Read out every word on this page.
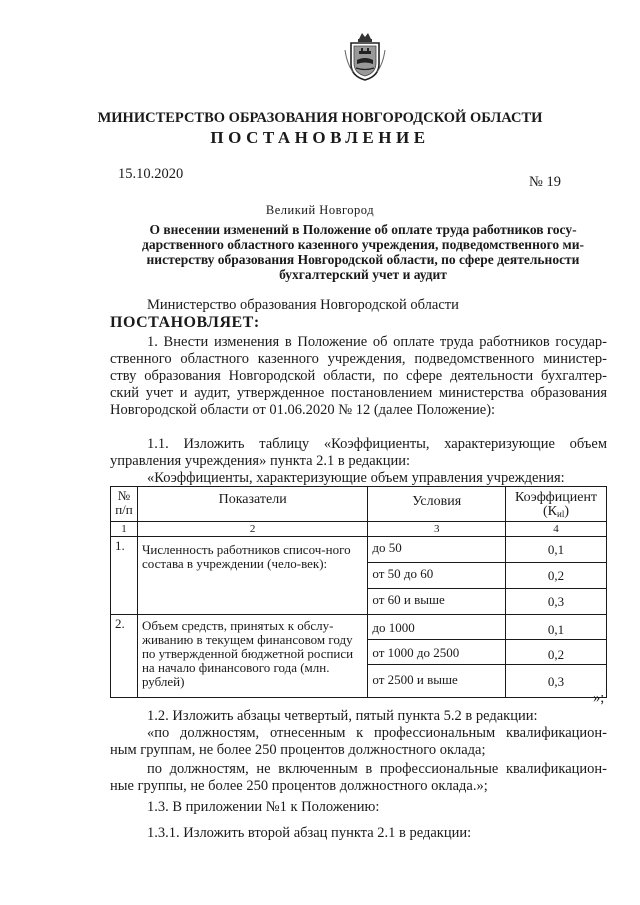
МИНИСТЕРСТВО ОБРАЗОВАНИЯ НОВГОРОДСКОЙ ОБЛАСТИ
ПОСТАНОВЛЕНИЕ
15.10.2020	№ 19
Великий Новгород
О внесении изменений в Положение об оплате труда работников госу-
дарственного областного казенного учреждения, подведомственного ми-
нистерству образования Новгородской области, по сфере деятельности
бухгалтерский учет и аудит
Министерство образования Новгородской области
ПОСТАНОВЛЯЕТ:
1. Внести изменения в Положение об оплате труда работников государ-
ственного областного казенного учреждения, подведомственного министер-
ству образования Новгородской области, по сфере деятельности бухгалтер-
ский учет и аудит, утвержденное постановлением министерства образования
Новгородской области от 01.06.2020 № 12 (далее Положение):
1.1. Изложить таблицу «Коэффициенты, характеризующие объем
управления учреждения» пункта 2.1 в редакции:
«Коэффициенты, характеризующие объем управления учреждения:
№ п/п	Показатели	Условия	Коэффициент
$(К_{иl})$

1	2	3	4
1.	Численность работников списоч-ного состава в учреждении (чело-век):	до 50	0,1
		от 50 до 60	0,2
		от 60 и выше	0,3
2.	Объем средств, принятых к обслу-живанию в текущем финансовом году по утвержденной бюджетной росписи на начало финансового года (млн. рублей)	до 1000	0,1
		от 1000 до 2500	0,2
		от 2500 и выше	0,3
»;
1.2. Изложить абзацы четвертый, пятый пункта 5.2 в редакции:
«по должностям, отнесенным к профессиональным квалификацион-
ным группам, не более 250 процентов должностного оклада;
по должностям, не включенным в профессиональные квалификацион-
ные группы, не более 250 процентов должностного оклада.»;
1.3. В приложении №1 к Положению:
1.3.1. Изложить второй абзац пункта 2.1 в редакции:
